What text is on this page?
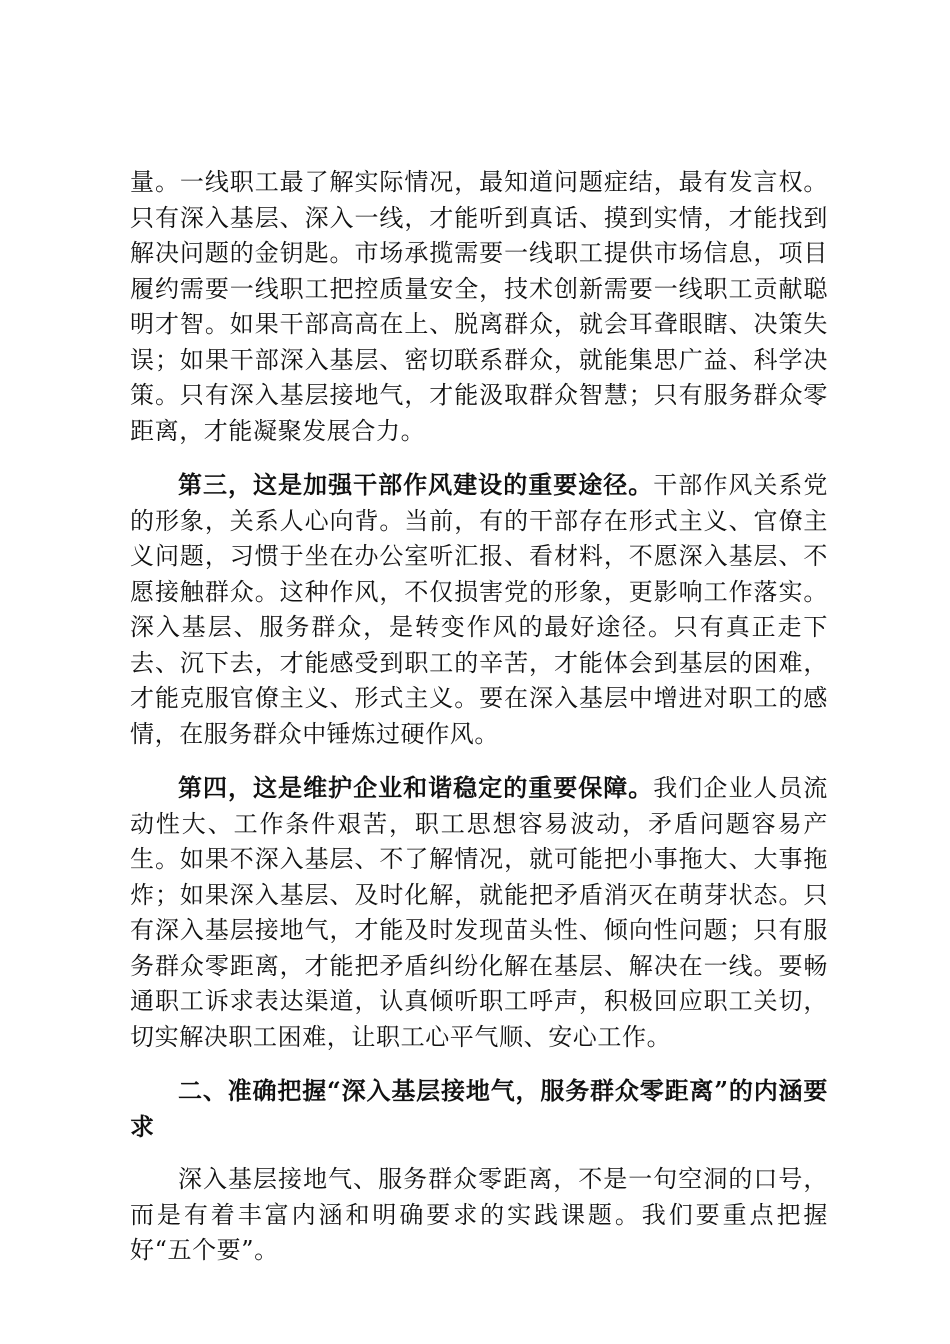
量。一线职工最了解实际情况，最知道问题症结，最有发言权。只有深入基层、深入一线，才能听到真话、摸到实情，才能找到解决问题的金钥匙。市场承揽需要一线职工提供市场信息，项目履约需要一线职工把控质量安全，技术创新需要一线职工贡献聪明才智。如果干部高高在上、脱离群众，就会耳聋眼瞎、决策失误；如果干部深入基层、密切联系群众，就能集思广益、科学决策。只有深入基层接地气，才能汲取群众智慧；只有服务群众零距离，才能凝聚发展合力。

第三，这是加强干部作风建设的重要途径。干部作风关系党的形象，关系人心向背。当前，有的干部存在形式主义、官僚主义问题，习惯于坐在办公室听汇报、看材料，不愿深入基层、不愿接触群众。这种作风，不仅损害党的形象，更影响工作落实。深入基层、服务群众，是转变作风的最好途径。只有真正走下去、沉下去，才能感受到职工的辛苦，才能体会到基层的困难，才能克服官僚主义、形式主义。要在深入基层中增进对职工的感情，在服务群众中锤炼过硬作风。

第四，这是维护企业和谐稳定的重要保障。我们企业人员流动性大、工作条件艰苦，职工思想容易波动，矛盾问题容易产生。如果不深入基层、不了解情况，就可能把小事拖大、大事拖炸；如果深入基层、及时化解，就能把矛盾消灭在萌芽状态。只有深入基层接地气，才能及时发现苗头性、倾向性问题；只有服务群众零距离，才能把矛盾纠纷化解在基层、解决在一线。要畅通职工诉求表达渠道，认真倾听职工呼声，积极回应职工关切，切实解决职工困难，让职工心平气顺、安心工作。

二、准确把握“深入基层接地气，服务群众零距离”的内涵要求

深入基层接地气、服务群众零距离，不是一句空洞的口号，而是有着丰富内涵和明确要求的实践课题。我们要重点把握好“五个要”。
